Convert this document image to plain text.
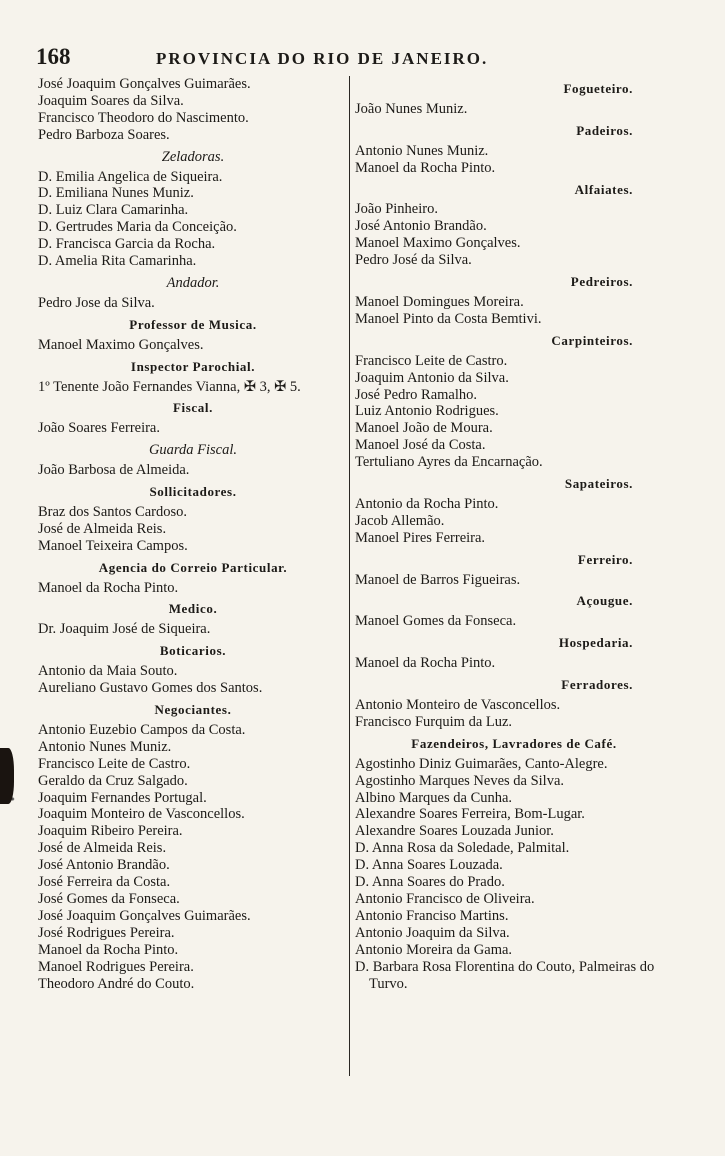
168	PROVINCIA DO RIO DE JANEIRO.
José Joaquim Gonçalves Guimarães.
Joaquim Soares da Silva.
Francisco Theodoro do Nascimento.
Pedro Barboza Soares.
Zeladoras.
D. Emilia Angelica de Siqueira.
D. Emiliana Nunes Muniz.
D. Luiz Clara Camarinha.
D. Gertrudes Maria da Conceição.
D. Francisca Garcia da Rocha.
D. Amelia Rita Camarinha.
Andador.
Pedro Jose da Silva.
Professor de Musica.
Manoel Maximo Gonçalves.
Inspector Parochial.
1º Tenente João Fernandes Vianna, ✠ 3, ✠ 5.
Fiscal.
João Soares Ferreira.
Guarda Fiscal.
João Barbosa de Almeida.
Sollicitadores.
Braz dos Santos Cardoso.
José de Almeida Reis.
Manoel Teixeira Campos.
Agencia do Correio Particular.
Manoel da Rocha Pinto.
Medico.
Dr. Joaquim José de Siqueira.
Boticarios.
Antonio da Maia Souto.
Aureliano Gustavo Gomes dos Santos.
Negociantes.
Antonio Euzebio Campos da Costa.
Antonio Nunes Muniz.
Francisco Leite de Castro.
Geraldo da Cruz Salgado.
Joaquim Fernandes Portugal.
Joaquim Monteiro de Vasconcellos.
Joaquim Ribeiro Pereira.
José de Almeida Reis.
José Antonio Brandão.
José Ferreira da Costa.
José Gomes da Fonseca.
José Joaquim Gonçalves Guimarães.
José Rodrigues Pereira.
Manoel da Rocha Pinto.
Manoel Rodrigues Pereira.
Theodoro André do Couto.
Fogueteiro.
João Nunes Muniz.
Padeiros.
Antonio Nunes Muniz.
Manoel da Rocha Pinto.
Alfaiates.
João Pinheiro.
José Antonio Brandão.
Manoel Maximo Gonçalves.
Pedro José da Silva.
Pedreiros.
Manoel Domingues Moreira.
Manoel Pinto da Costa Bemtivi.
Carpinteiros.
Francisco Leite de Castro.
Joaquim Antonio da Silva.
José Pedro Ramalho.
Luiz Antonio Rodrigues.
Manoel João de Moura.
Manoel José da Costa.
Tertuliano Ayres da Encarnação.
Sapateiros.
Antonio da Rocha Pinto.
Jacob Allemão.
Manoel Pires Ferreira.
Ferreiro.
Manoel de Barros Figueiras.
Açougue.
Manoel Gomes da Fonseca.
Hospedaria.
Manoel da Rocha Pinto.
Ferradores.
Antonio Monteiro de Vasconcellos.
Francisco Furquim da Luz.
Fazendeiros, Lavradores de Café.
Agostinho Diniz Guimarães, Canto-Alegre.
Agostinho Marques Neves da Silva.
Albino Marques da Cunha.
Alexandre Soares Ferreira, Bom-Lugar.
Alexandre Soares Louzada Junior.
D. Anna Rosa da Soledade, Palmital.
D. Anna Soares Louzada.
D. Anna Soares do Prado.
Antonio Francisco de Oliveira.
Antonio Franciso Martins.
Antonio Joaquim da Silva.
Antonio Moreira da Gama.
D. Barbara Rosa Florentina do Couto, Palmeiras do Turvo.
